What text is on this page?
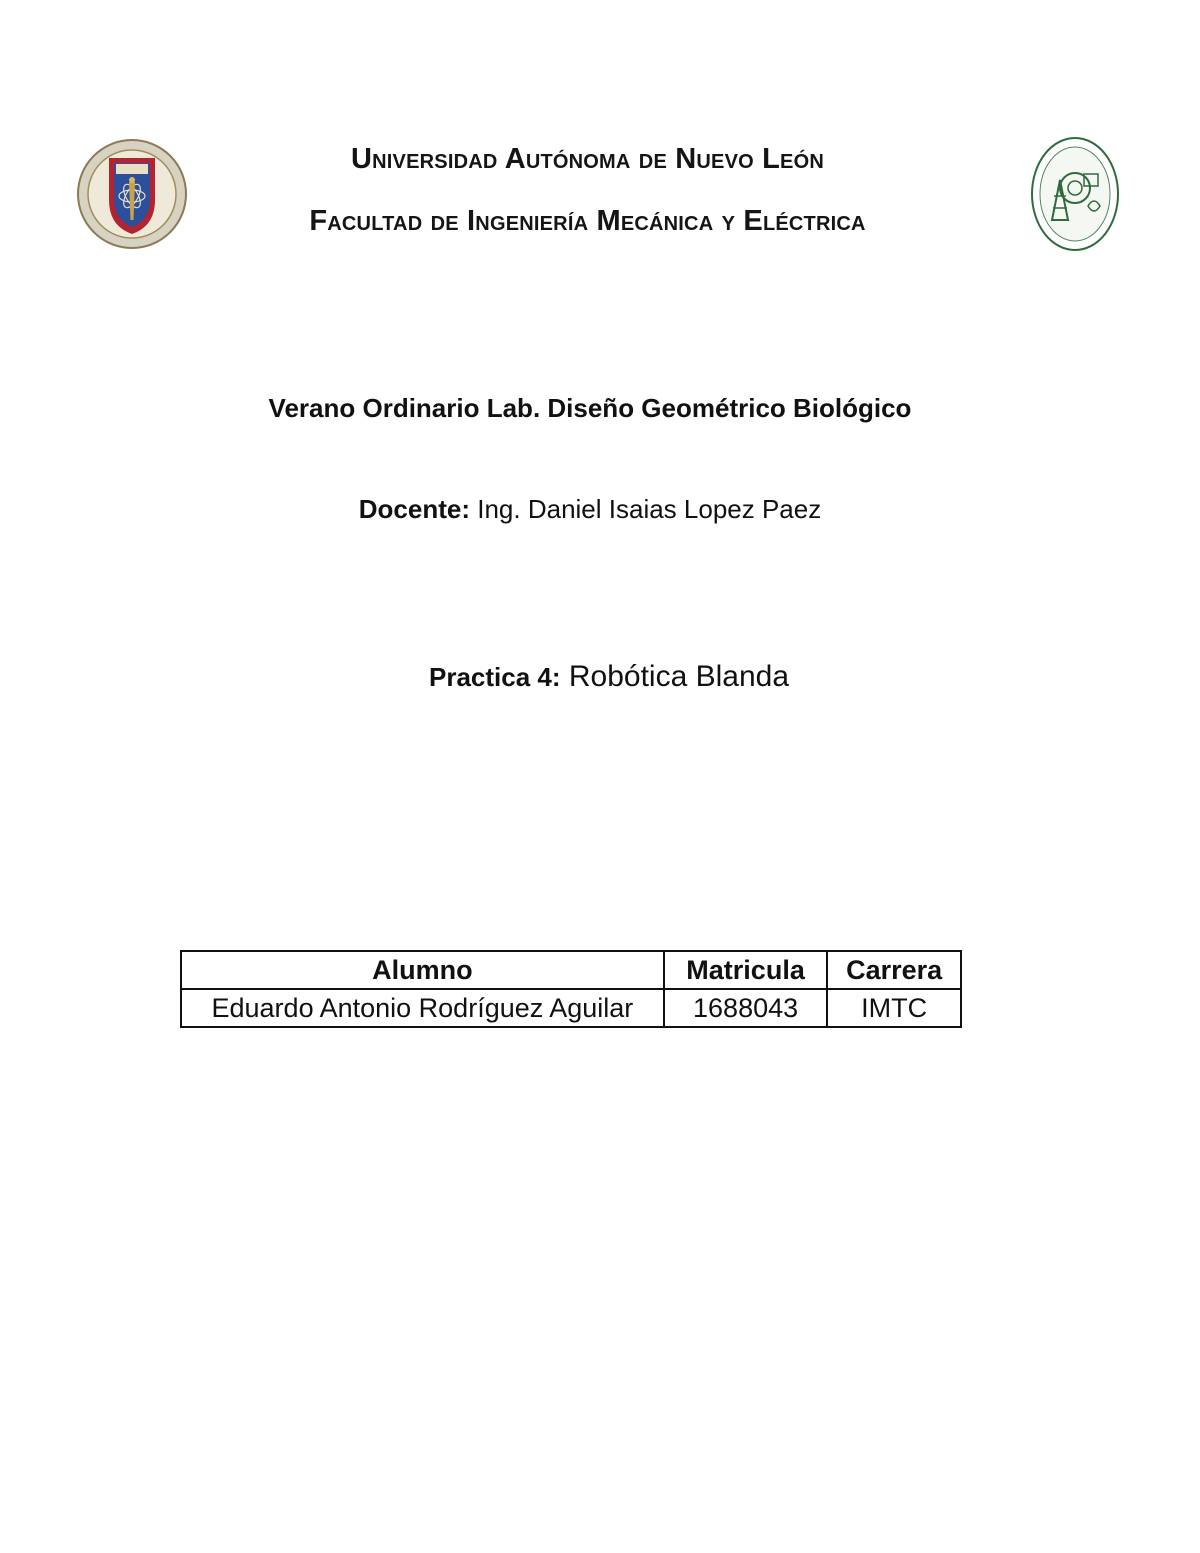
Universidad Autónoma de Nuevo León
Facultad de Ingeniería Mecánica y Eléctrica
Verano Ordinario Lab. Diseño Geométrico Biológico
Docente: Ing. Daniel Isaias Lopez Paez
Practica 4: Robótica Blanda
Alumno	Matricula	Carrera
Eduardo Antonio Rodríguez Aguilar	1688043	IMTC
